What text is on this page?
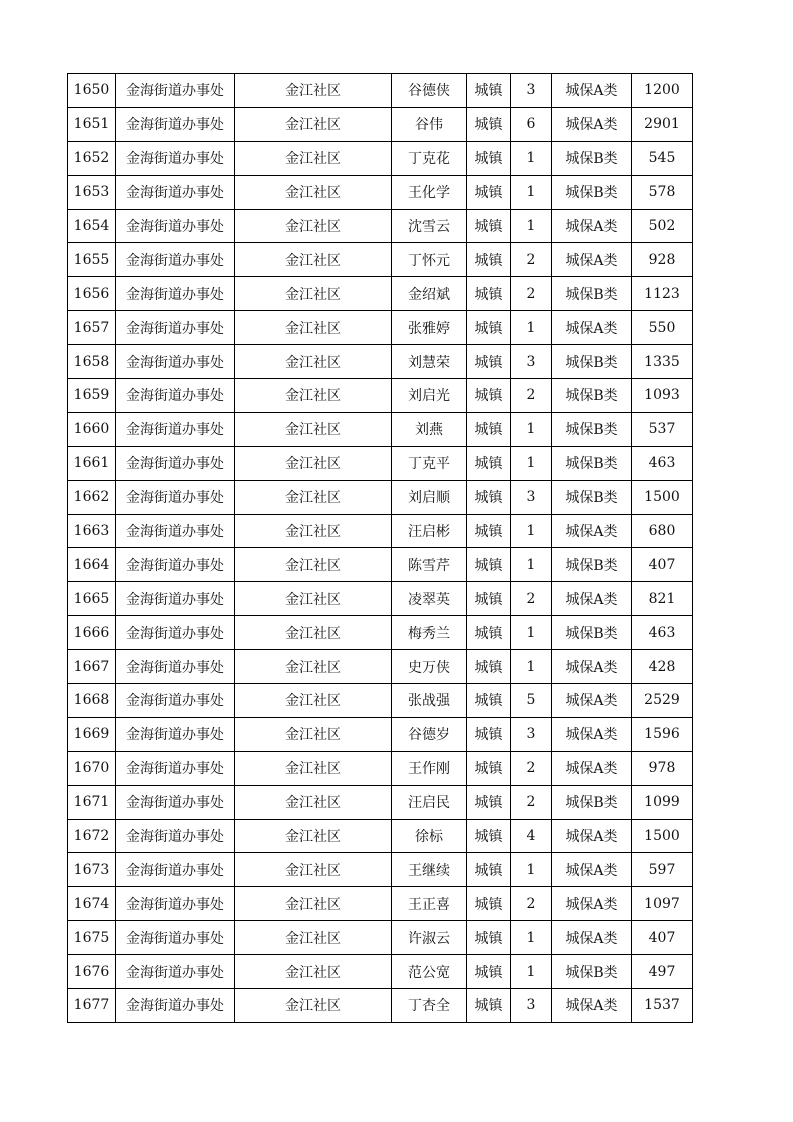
1650	金海街道办事处	金江社区	谷德侠	城镇	3	城保A类	1200
1651	金海街道办事处	金江社区	谷伟	城镇	6	城保A类	2901
1652	金海街道办事处	金江社区	丁克花	城镇	1	城保B类	545
1653	金海街道办事处	金江社区	王化学	城镇	1	城保B类	578
1654	金海街道办事处	金江社区	沈雪云	城镇	1	城保A类	502
1655	金海街道办事处	金江社区	丁怀元	城镇	2	城保A类	928
1656	金海街道办事处	金江社区	金绍斌	城镇	2	城保B类	1123
1657	金海街道办事处	金江社区	张雅婷	城镇	1	城保A类	550
1658	金海街道办事处	金江社区	刘慧荣	城镇	3	城保B类	1335
1659	金海街道办事处	金江社区	刘启光	城镇	2	城保B类	1093
1660	金海街道办事处	金江社区	刘燕	城镇	1	城保B类	537
1661	金海街道办事处	金江社区	丁克平	城镇	1	城保B类	463
1662	金海街道办事处	金江社区	刘启顺	城镇	3	城保B类	1500
1663	金海街道办事处	金江社区	汪启彬	城镇	1	城保A类	680
1664	金海街道办事处	金江社区	陈雪芹	城镇	1	城保B类	407
1665	金海街道办事处	金江社区	凌翠英	城镇	2	城保A类	821
1666	金海街道办事处	金江社区	梅秀兰	城镇	1	城保B类	463
1667	金海街道办事处	金江社区	史万侠	城镇	1	城保A类	428
1668	金海街道办事处	金江社区	张战强	城镇	5	城保A类	2529
1669	金海街道办事处	金江社区	谷德岁	城镇	3	城保A类	1596
1670	金海街道办事处	金江社区	王作刚	城镇	2	城保A类	978
1671	金海街道办事处	金江社区	汪启民	城镇	2	城保B类	1099
1672	金海街道办事处	金江社区	徐标	城镇	4	城保A类	1500
1673	金海街道办事处	金江社区	王继续	城镇	1	城保A类	597
1674	金海街道办事处	金江社区	王正喜	城镇	2	城保A类	1097
1675	金海街道办事处	金江社区	许淑云	城镇	1	城保A类	407
1676	金海街道办事处	金江社区	范公宽	城镇	1	城保B类	497
1677	金海街道办事处	金江社区	丁杏全	城镇	3	城保A类	1537
